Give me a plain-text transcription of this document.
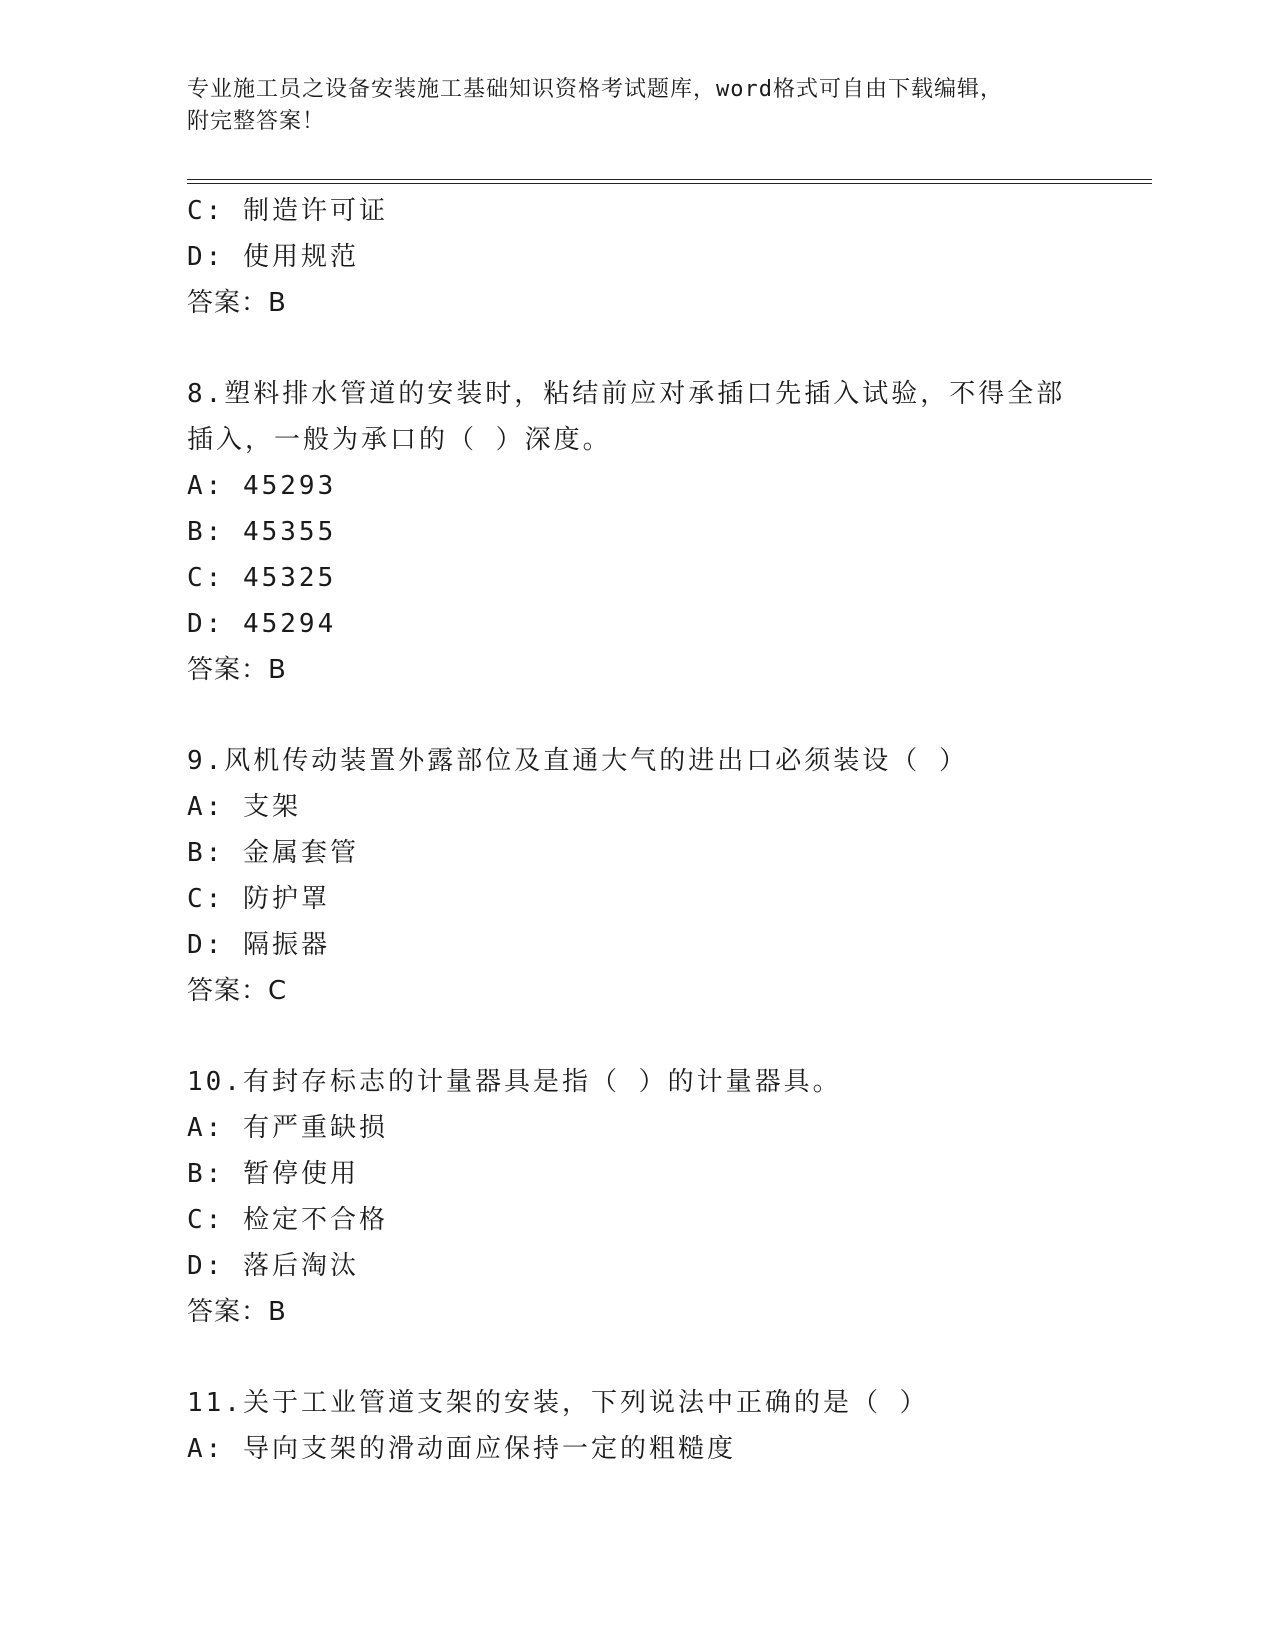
专业施工员之设备安装施工基础知识资格考试题库，word格式可自由下载编辑，
附完整答案！
C: 制造许可证
D: 使用规范
答案：B
8.塑料排水管道的安装时，粘结前应对承插口先插入试验，不得全部
插入，一般为承口的（ ）深度。
A: 45293
B: 45355
C: 45325
D: 45294
答案：B
9.风机传动装置外露部位及直通大气的进出口必须装设（ ）
A: 支架
B: 金属套管
C: 防护罩
D: 隔振器
答案：C
10.有封存标志的计量器具是指（ ）的计量器具。
A: 有严重缺损
B: 暂停使用
C: 检定不合格
D: 落后淘汰
答案：B
11.关于工业管道支架的安装，下列说法中正确的是（ ）
A: 导向支架的滑动面应保持一定的粗糙度
